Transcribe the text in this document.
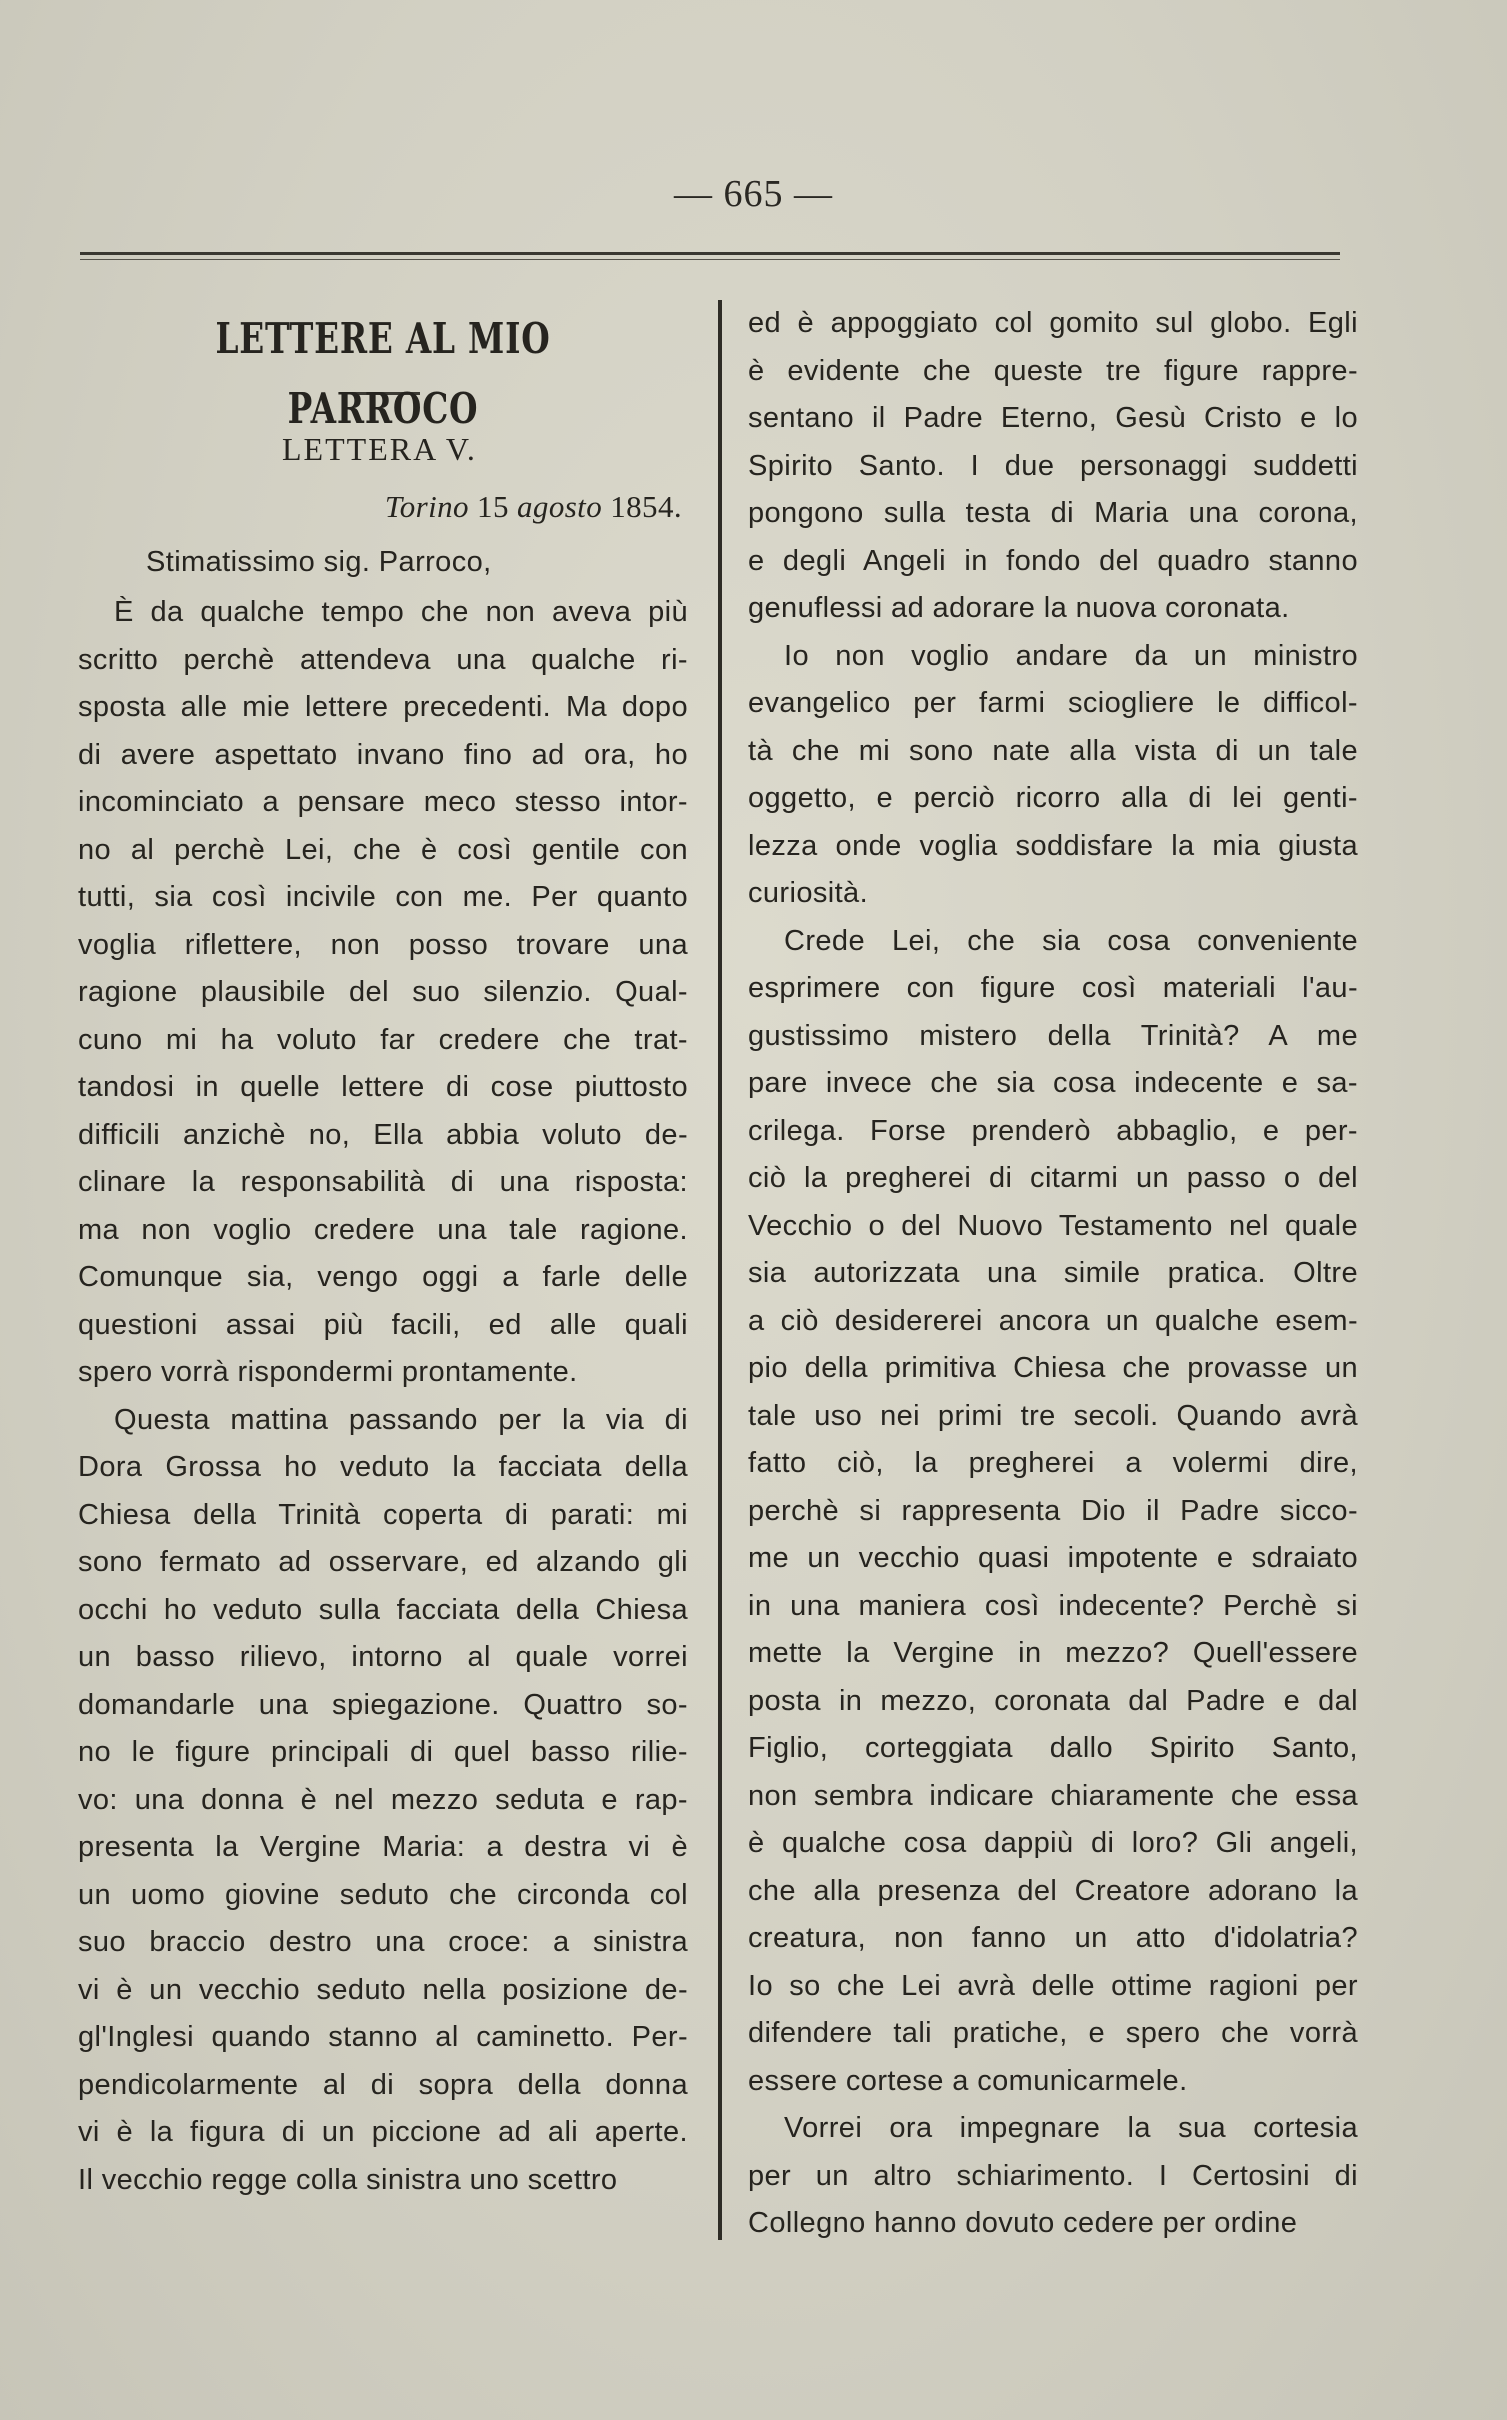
— 665 —
LETTERE AL MIO PARROCO
LETTERA V.
Torino 15 agosto 1854.
Stimatissimo sig. Parroco,
È da qualche tempo che non aveva più
scritto perchè attendeva una qualche ri-
sposta alle mie lettere precedenti. Ma dopo
di avere aspettato invano fino ad ora, ho
incominciato a pensare meco stesso intor-
no al perchè Lei, che è così gentile con
tutti, sia così incivile con me. Per quanto
voglia riflettere, non posso trovare una
ragione plausibile del suo silenzio. Qual-
cuno mi ha voluto far credere che trat-
tandosi in quelle lettere di cose piuttosto
difficili anzichè no, Ella abbia voluto de-
clinare la responsabilità di una risposta:
ma non voglio credere una tale ragione.
Comunque sia, vengo oggi a farle delle
questioni assai più facili, ed alle quali
spero vorrà rispondermi prontamente.
Questa mattina passando per la via di
Dora Grossa ho veduto la facciata della
Chiesa della Trinità coperta di parati: mi
sono fermato ad osservare, ed alzando gli
occhi ho veduto sulla facciata della Chiesa
un basso rilievo, intorno al quale vorrei
domandarle una spiegazione. Quattro so-
no le figure principali di quel basso rilie-
vo: una donna è nel mezzo seduta e rap-
presenta la Vergine Maria: a destra vi è
un uomo giovine seduto che circonda col
suo braccio destro una croce: a sinistra
vi è un vecchio seduto nella posizione de-
gl'Inglesi quando stanno al caminetto. Per-
pendicolarmente al di sopra della donna
vi è la figura di un piccione ad ali aperte.
Il vecchio regge colla sinistra uno scettro
ed è appoggiato col gomito sul globo. Egli
è evidente che queste tre figure rappre-
sentano il Padre Eterno, Gesù Cristo e lo
Spirito Santo. I due personaggi suddetti
pongono sulla testa di Maria una corona,
e degli Angeli in fondo del quadro stanno
genuflessi ad adorare la nuova coronata.
Io non voglio andare da un ministro
evangelico per farmi sciogliere le difficol-
tà che mi sono nate alla vista di un tale
oggetto, e perciò ricorro alla di lei genti-
lezza onde voglia soddisfare la mia giusta
curiosità.
Crede Lei, che sia cosa conveniente
esprimere con figure così materiali l'au-
gustissimo mistero della Trinità? A me
pare invece che sia cosa indecente e sa-
crilega. Forse prenderò abbaglio, e per-
ciò la pregherei di citarmi un passo o del
Vecchio o del Nuovo Testamento nel quale
sia autorizzata una simile pratica. Oltre
a ciò desidererei ancora un qualche esem-
pio della primitiva Chiesa che provasse un
tale uso nei primi tre secoli. Quando avrà
fatto ciò, la pregherei a volermi dire,
perchè si rappresenta Dio il Padre sicco-
me un vecchio quasi impotente e sdraiato
in una maniera così indecente? Perchè si
mette la Vergine in mezzo? Quell'essere
posta in mezzo, coronata dal Padre e dal
Figlio, corteggiata dallo Spirito Santo,
non sembra indicare chiaramente che essa
è qualche cosa dappiù di loro? Gli angeli,
che alla presenza del Creatore adorano la
creatura, non fanno un atto d'idolatria?
Io so che Lei avrà delle ottime ragioni per
difendere tali pratiche, e spero che vorrà
essere cortese a comunicarmele.
Vorrei ora impegnare la sua cortesia
per un altro schiarimento. I Certosini di
Collegno hanno dovuto cedere per ordine
